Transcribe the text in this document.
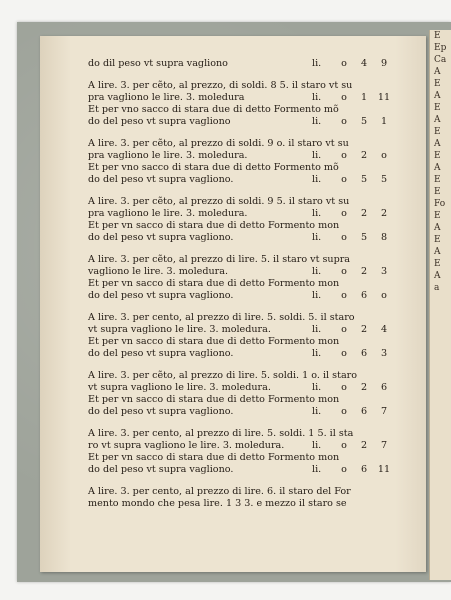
E
Ep
Ca
A
E
A
E
A
E
A
E
A
E
E
Fo
E
A
E
A
E
A
a
do dil peso vt supra vagliono	li.	o	4	9
A lire. 3. per cẽto, al prezzo, di soldi. 8 5. il staro vt su
pra vagliono le lire. 3. moledura	li.	o	1	11
Et per vno sacco di stara due di detto Formento mõ
do del peso vt supra vagliono	li.	o	5	1
A lire. 3. per cẽto, al prezzo di soldi. 9 o. il staro vt su
pra vagliono le lire. 3. moledura.	li.	o	2	o
Et per vno sacco di stara due di detto Formento mõ
do del peso vt supra vagliono.	li.	o	5	5
A lire. 3. per cẽto, al prezzo di soldi. 9 5. il staro vt su
pra vagliono le lire. 3. moledura.	li.	o	2	2
Et per vn sacco di stara due di detto Formento mon
do del peso vt supra vagliono.	li.	o	5	8
A lire. 3. per cẽto, al prezzo di lire. 5. il staro vt supra
vagliono le lire. 3. moledura.	li.	o	2	3
Et per vn sacco di stara due di detto Formento mon
do del peso vt supra vagliono.	li.	o	6	o
A lire. 3. per cento, al prezzo di lire. 5. soldi. 5. il staro
vt supra vagliono le lire. 3. moledura.	li.	o	2	4
Et per vn sacco di stara due di detto Formento mon
do del peso vt supra vagliono.	li.	o	6	3
A lire. 3. per cẽto, al prezzo di lire. 5. soldi. 1 o. il staro
vt supra vagliono le lire. 3. moledura.	li.	o	2	6
Et per vn sacco di stara due di detto Formento mon
do del peso vt supra vagliono.	li.	o	6	7
A lire. 3. per cento, al prezzo di lire. 5. soldi. 1 5. il sta
ro vt supra vagliono le lire. 3. moledura.	li.	o	2	7
Et per vn sacco di stara due di detto Formento mon
do del peso vt supra vagliono.	li.	o	6	11
A lire. 3. per cento, al prezzo di lire. 6. il staro del For
mento mondo che pesa lire. 1 3 3. e mezzo il staro se
